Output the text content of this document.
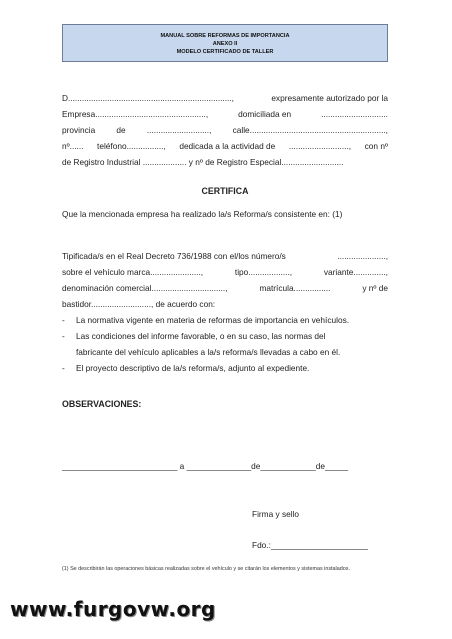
MANUAL SOBRE REFORMAS DE IMPORTANCIA
ANEXO II
MODELO CERTIFICADO DE TALLER
D.......................................................................,	expresamente autorizado por la
Empresa................................................,	domiciliada en	.............................
provincia	de	...........................,	calle...........................................................,
nº...... teléfono................, dedicada a la actividad de .........................., con nº
de Registro Industrial ................... y nº de Registro Especial...........................
CERTIFICA
Que la mencionada empresa ha realizado la/s Reforma/s consistente en: (1)
Tipificada/s en el Real Decreto 736/1988 con el/los número/s	.....................,
sobre el vehículo marca......................,	tipo..................,	variante..............,
denominación comercial................................,	matrícula................	y nº de
bastidor.........................., de acuerdo con:
- La normativa vigente en materia de reformas de importancia en vehículos.
- Las condiciones del informe favorable, o en su caso, las normas del
fabricante del vehículo aplicables a la/s reforma/s llevadas a cabo en él.
- El proyecto descriptivo de la/s reforma/s, adjunto al expediente.
OBSERVACIONES:
_________________________ a ______________de____________de_____
Firma y sello
Fdo.:_____________________
(1) Se describirán las operaciones básicas realizadas sobre el vehículo y se citarán los elementos y sistemas instalados.
www.furgovw.org
